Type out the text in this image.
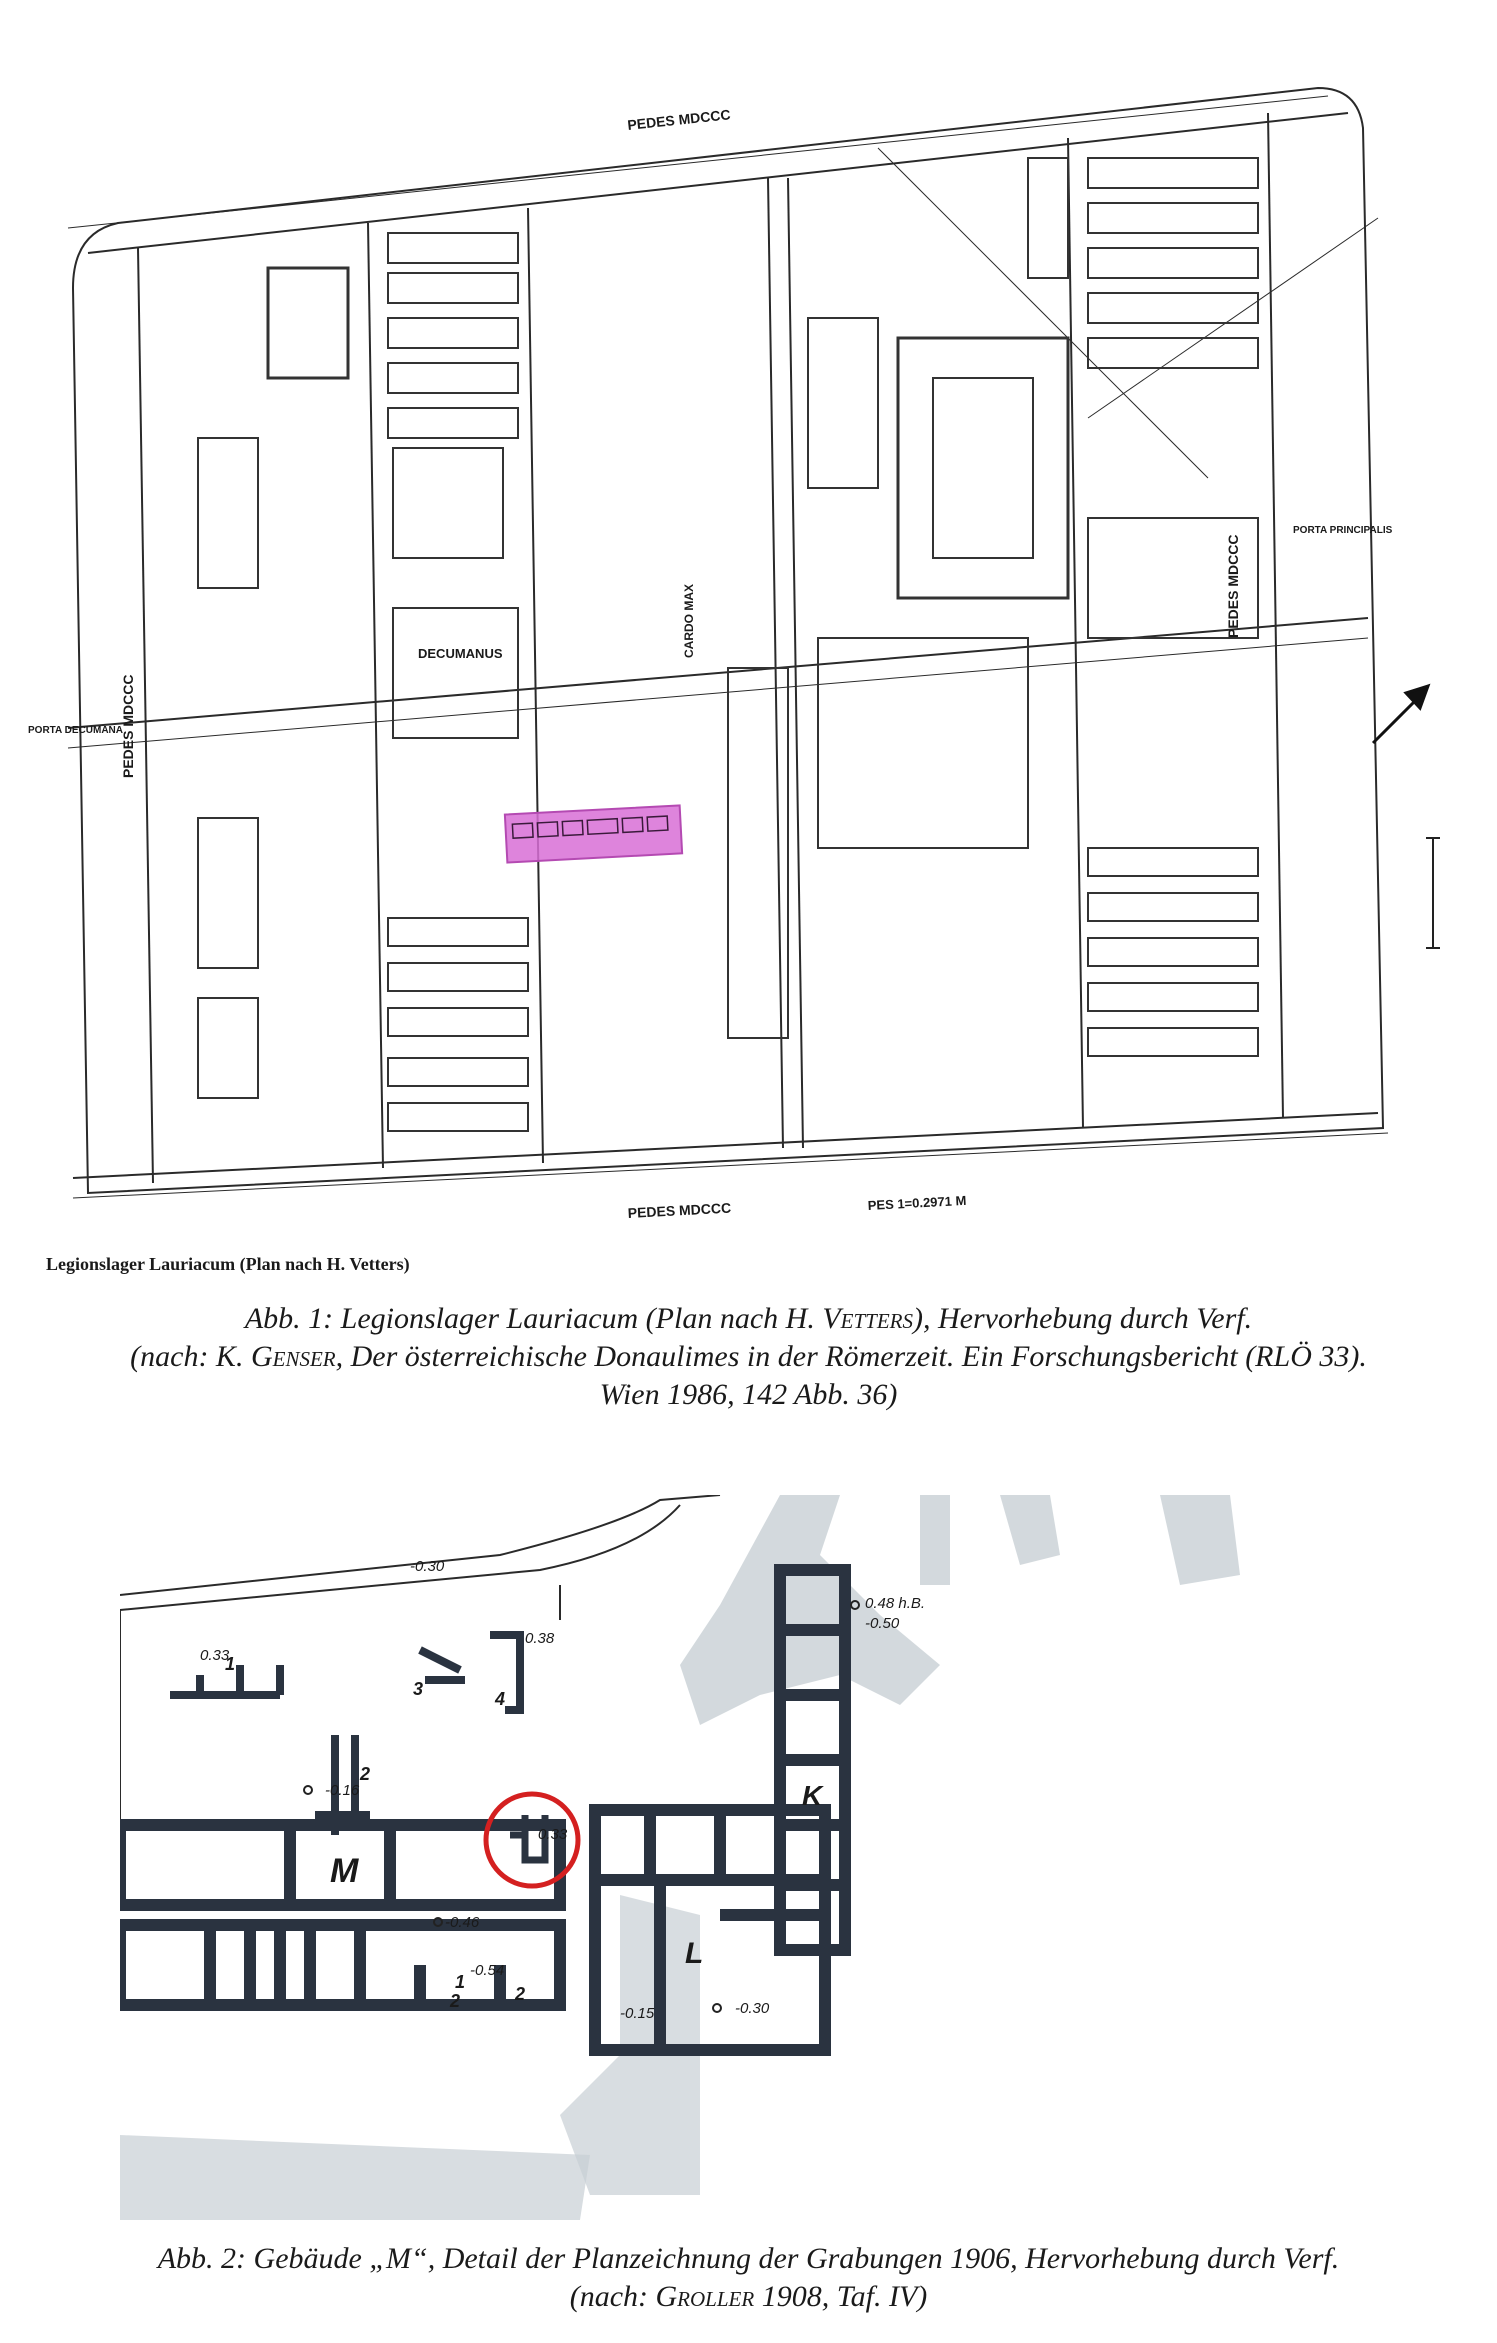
PEDES MDCCC
PEDES MDCCC
PEDES MDCCC
PEDES MDCCC
DECUMANUS	CARDO MAX
PORTA DECUMANA
PORTA PRINCIPALIS
PES 1=0.2971 M
Legionslager Lauriacum (Plan nach H. Vetters)
Abb. 1: Legionslager Lauriacum (Plan nach H. Vetters), Hervorhebung durch Verf.
(nach: K. Genser, Der österreichische Donaulimes in der Römerzeit. Ein Forschungsbericht (RLÖ 33).
Wien 1986, 142 Abb. 36)
M
K
L
1
2
3	4
2
1
2
-0.30
0.48 h.B.
-0.50
0.33
0.38
-0.16
-0.46
-0.54
0.33
-0.15	-0.30
Abb. 2: Gebäude „M“, Detail der Planzeichnung der Grabungen 1906, Hervorhebung durch Verf.
(nach: Groller 1908, Taf. IV)
